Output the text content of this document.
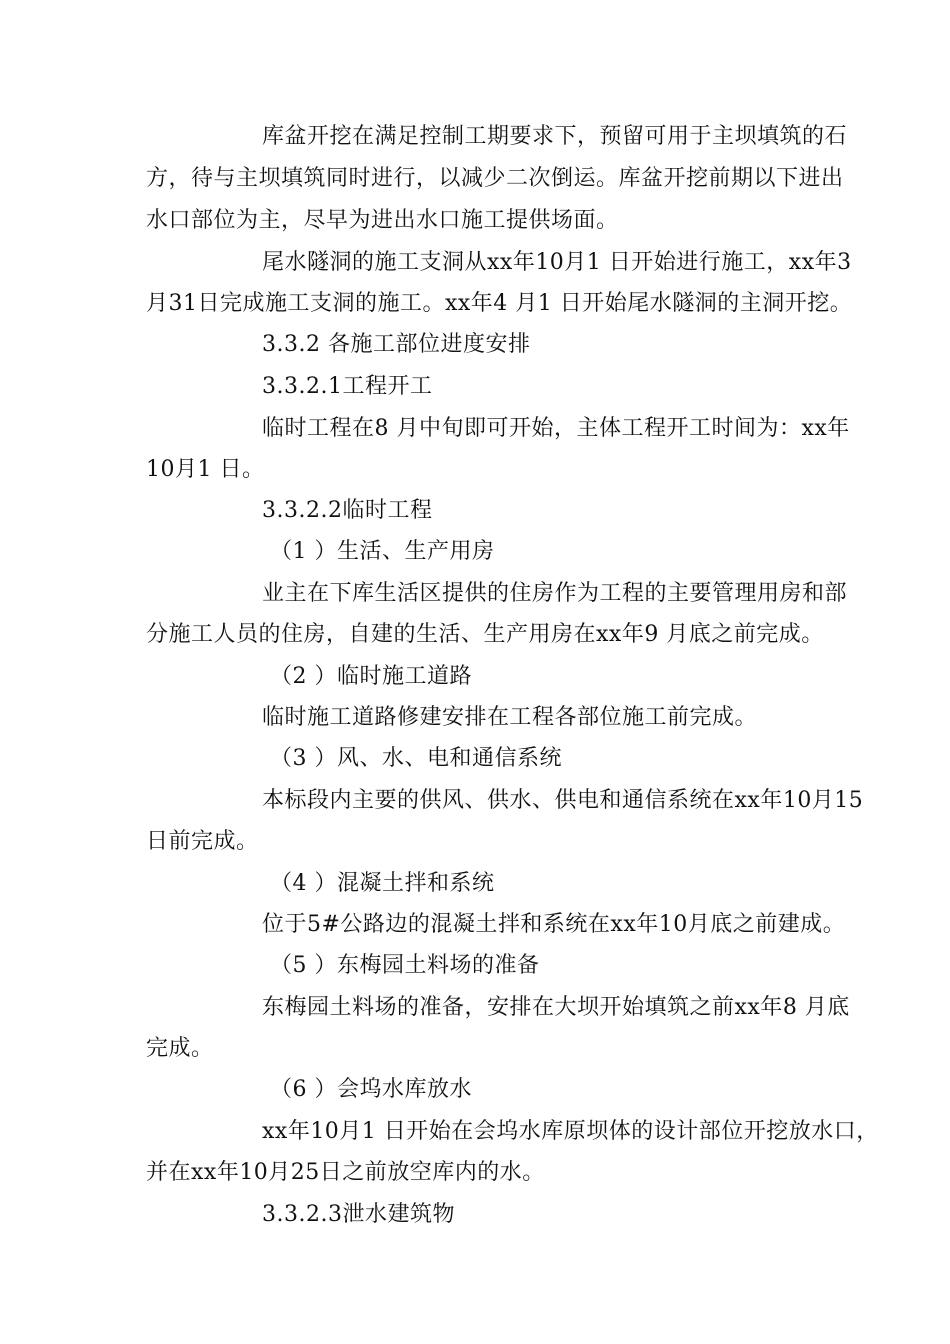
库盆开挖在满足控制工期要求下，预留可用于主坝填筑的石
方，待与主坝填筑同时进行，以减少二次倒运。库盆开挖前期以下进出
水口部位为主，尽早为进出水口施工提供场面。
尾水隧洞的施工支洞从xx年10月1 日开始进行施工，xx年3
月31日完成施工支洞的施工。xx年4 月1 日开始尾水隧洞的主洞开挖。
3.3.2 各施工部位进度安排
3.3.2.1工程开工
临时工程在8 月中旬即可开始，主体工程开工时间为：xx年
10月1 日。
3.3.2.2临时工程
（1 ）生活、生产用房
业主在下库生活区提供的住房作为工程的主要管理用房和部
分施工人员的住房，自建的生活、生产用房在xx年9 月底之前完成。
（2 ）临时施工道路
临时施工道路修建安排在工程各部位施工前完成。
（3 ）风、水、电和通信系统
本标段内主要的供风、供水、供电和通信系统在xx年10月15
日前完成。
（4 ）混凝土拌和系统
位于5#公路边的混凝土拌和系统在xx年10月底之前建成。
（5 ）东梅园土料场的准备
东梅园土料场的准备，安排在大坝开始填筑之前xx年8 月底
完成。
（6 ）会坞水库放水
xx年10月1 日开始在会坞水库原坝体的设计部位开挖放水口，
并在xx年10月25日之前放空库内的水。
3.3.2.3泄水建筑物
